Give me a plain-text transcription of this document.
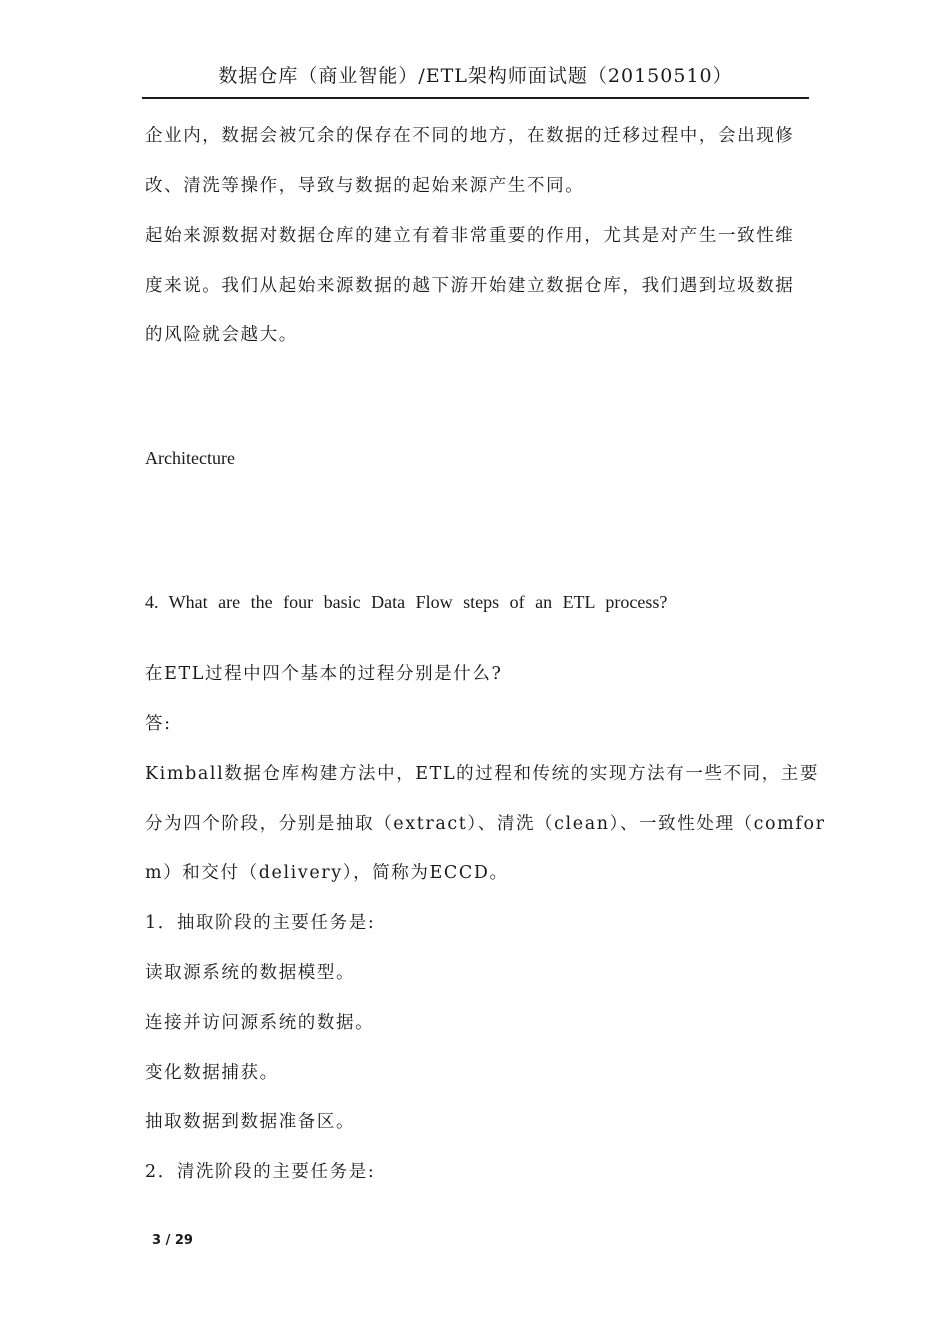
数据仓库（商业智能）/ETL架构师面试题（20150510）
企业内，数据会被冗余的保存在不同的地方，在数据的迁移过程中，会出现修
改、清洗等操作，导致与数据的起始来源产生不同。
起始来源数据对数据仓库的建立有着非常重要的作用，尤其是对产生一致性维
度来说。我们从起始来源数据的越下游开始建立数据仓库，我们遇到垃圾数据
的风险就会越大。
Architecture
4. What are the four basic Data Flow steps of an ETL process?
在ETL过程中四个基本的过程分别是什么?
答:
Kimball数据仓库构建方法中，ETL的过程和传统的实现方法有一些不同，主要
分为四个阶段，分别是抽取（extract）、清洗（clean）、一致性处理（comfor
m）和交付（delivery），简称为ECCD。
1．抽取阶段的主要任务是:
读取源系统的数据模型。
连接并访问源系统的数据。
变化数据捕获。
抽取数据到数据准备区。
2．清洗阶段的主要任务是:
3 / 29
